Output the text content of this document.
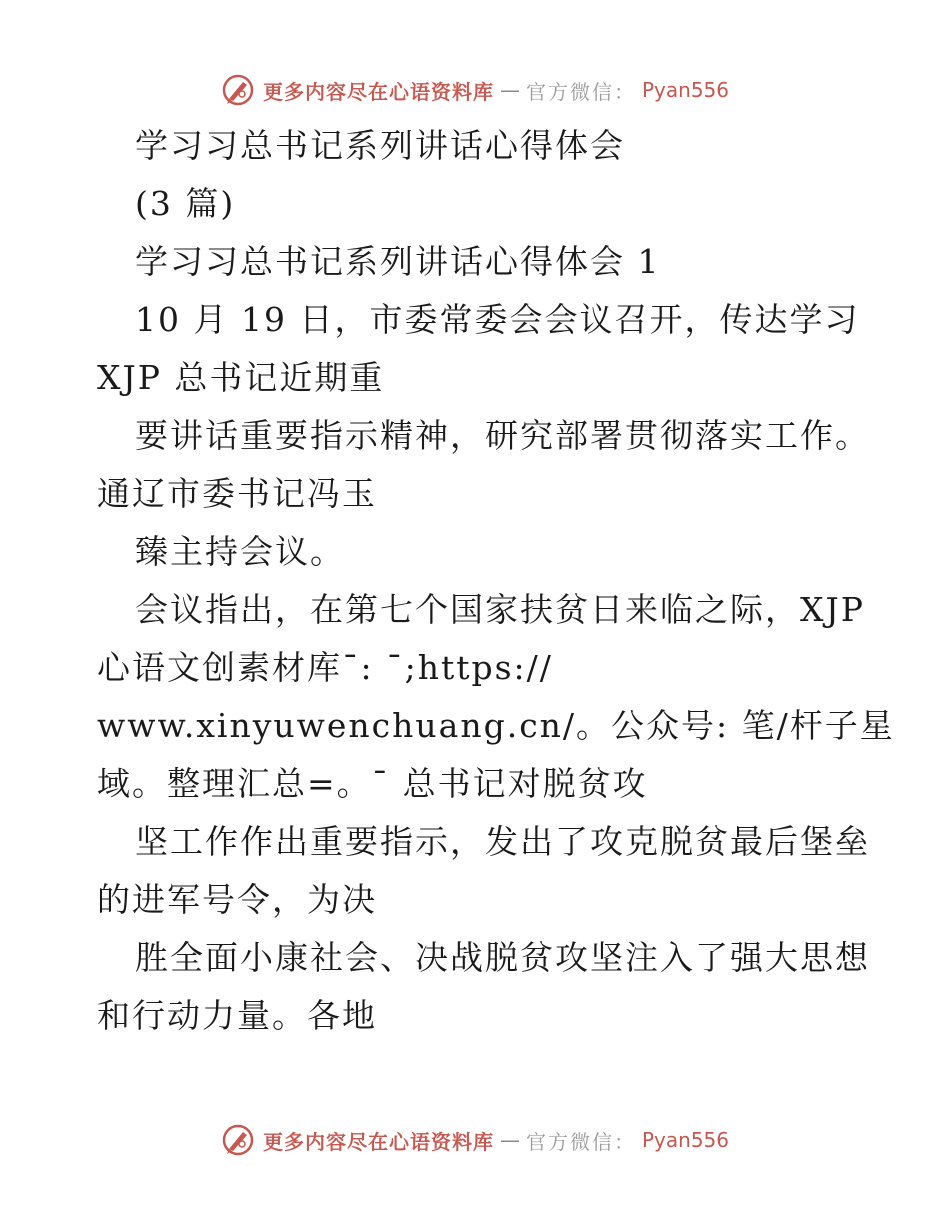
更多内容尽在心语资料库 — 官方微信： Pyan556
学习习总书记系列讲话心得体会
(3 篇)
学习习总书记系列讲话心得体会 1
10 月 19 日，市委常委会会议召开，传达学习
XJP 总书记近期重
要讲话重要指示精神，研究部署贯彻落实工作。
通辽市委书记冯玉
臻主持会议。
会议指出，在第七个国家扶贫日来临之际，XJP
心语文创素材库¯: ¯;https://
www.xinyuwenchuang.cn/。公众号: 笔/杆子星
域。整理汇总=。¯ 总书记对脱贫攻
坚工作作出重要指示，发出了攻克脱贫最后堡垒
的进军号令，为决
胜全面小康社会、决战脱贫攻坚注入了强大思想
和行动力量。各地
更多内容尽在心语资料库 — 官方微信： Pyan556
